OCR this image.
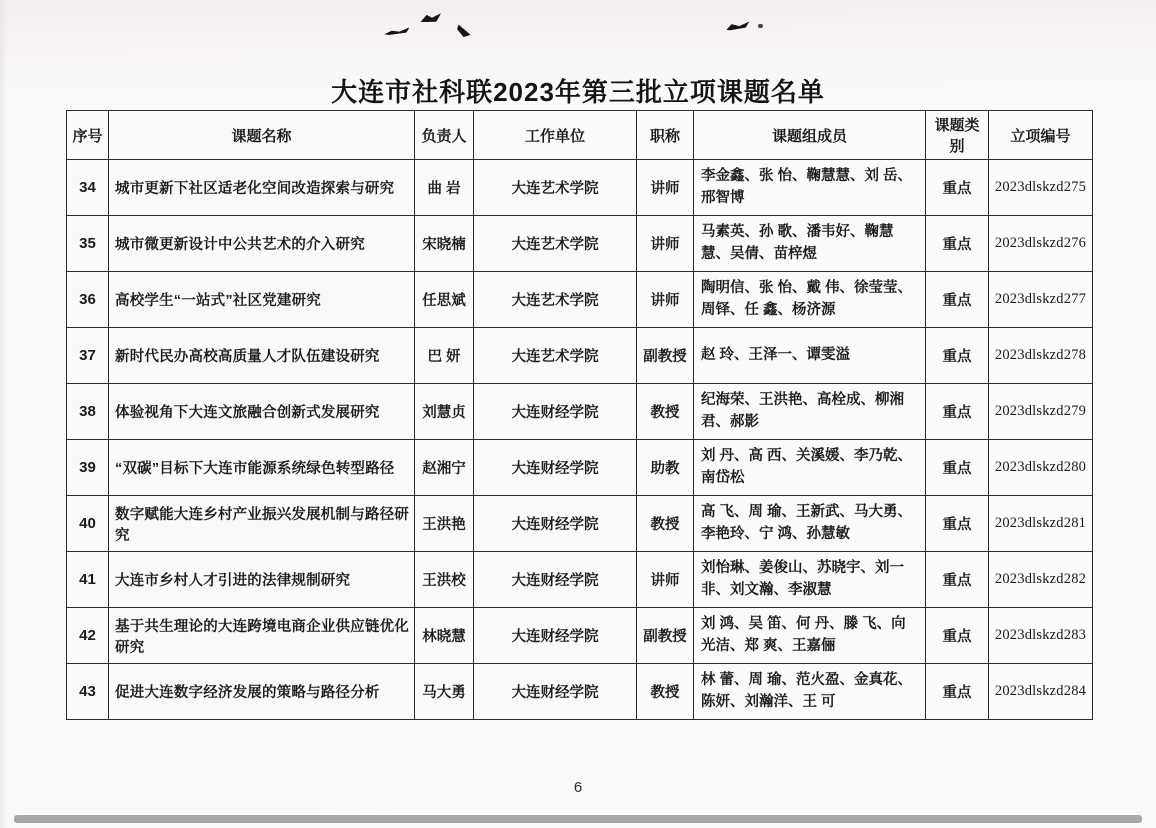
大连市社科联2023年第三批立项课题名单
序号	课题名称	负责人	工作单位	职称	课题组成员	课题类别	立项编号
34	城市更新下社区适老化空间改造探索与研究	曲 岩	大连艺术学院	讲师	李金鑫、张 怡、鞠慧慧、刘 岳、邢智博	重点	2023dlskzd275
35	城市微更新设计中公共艺术的介入研究	宋晓楠	大连艺术学院	讲师	马素英、孙 歌、潘韦好、鞠慧慧、吴倩、苗梓煜	重点	2023dlskzd276
36	高校学生“一站式”社区党建研究	任思斌	大连艺术学院	讲师	陶明信、张 怡、戴 伟、徐莹莹、周铎、任 鑫、杨济源	重点	2023dlskzd277
37	新时代民办高校高质量人才队伍建设研究	巴 妍	大连艺术学院	副教授	赵 玲、王泽一、谭雯溢	重点	2023dlskzd278
38	体验视角下大连文旅融合创新式发展研究	刘慧贞	大连财经学院	教授	纪海荣、王洪艳、高栓成、柳湘君、郝影	重点	2023dlskzd279
39	“双碳”目标下大连市能源系统绿色转型路径	赵湘宁	大连财经学院	助教	刘 丹、高 西、关溪媛、李乃乾、南岱松	重点	2023dlskzd280
40	数字赋能大连乡村产业振兴发展机制与路径研究	王洪艳	大连财经学院	教授	高 飞、周 瑜、王新武、马大勇、李艳玲、宁 鸿、孙慧敏	重点	2023dlskzd281
41	大连市乡村人才引进的法律规制研究	王洪校	大连财经学院	讲师	刘怡琳、姜俊山、苏晓宇、刘一非、刘文瀚、李淑慧	重点	2023dlskzd282
42	基于共生理论的大连跨境电商企业供应链优化研究	林晓慧	大连财经学院	副教授	刘 鸿、吴 笛、何 丹、滕 飞、向光洁、郑 爽、王嘉俪	重点	2023dlskzd283
43	促进大连数字经济发展的策略与路径分析	马大勇	大连财经学院	教授	林 蕾、周 瑜、范火盈、金真花、陈妍、刘瀚洋、王 可	重点	2023dlskzd284
6
